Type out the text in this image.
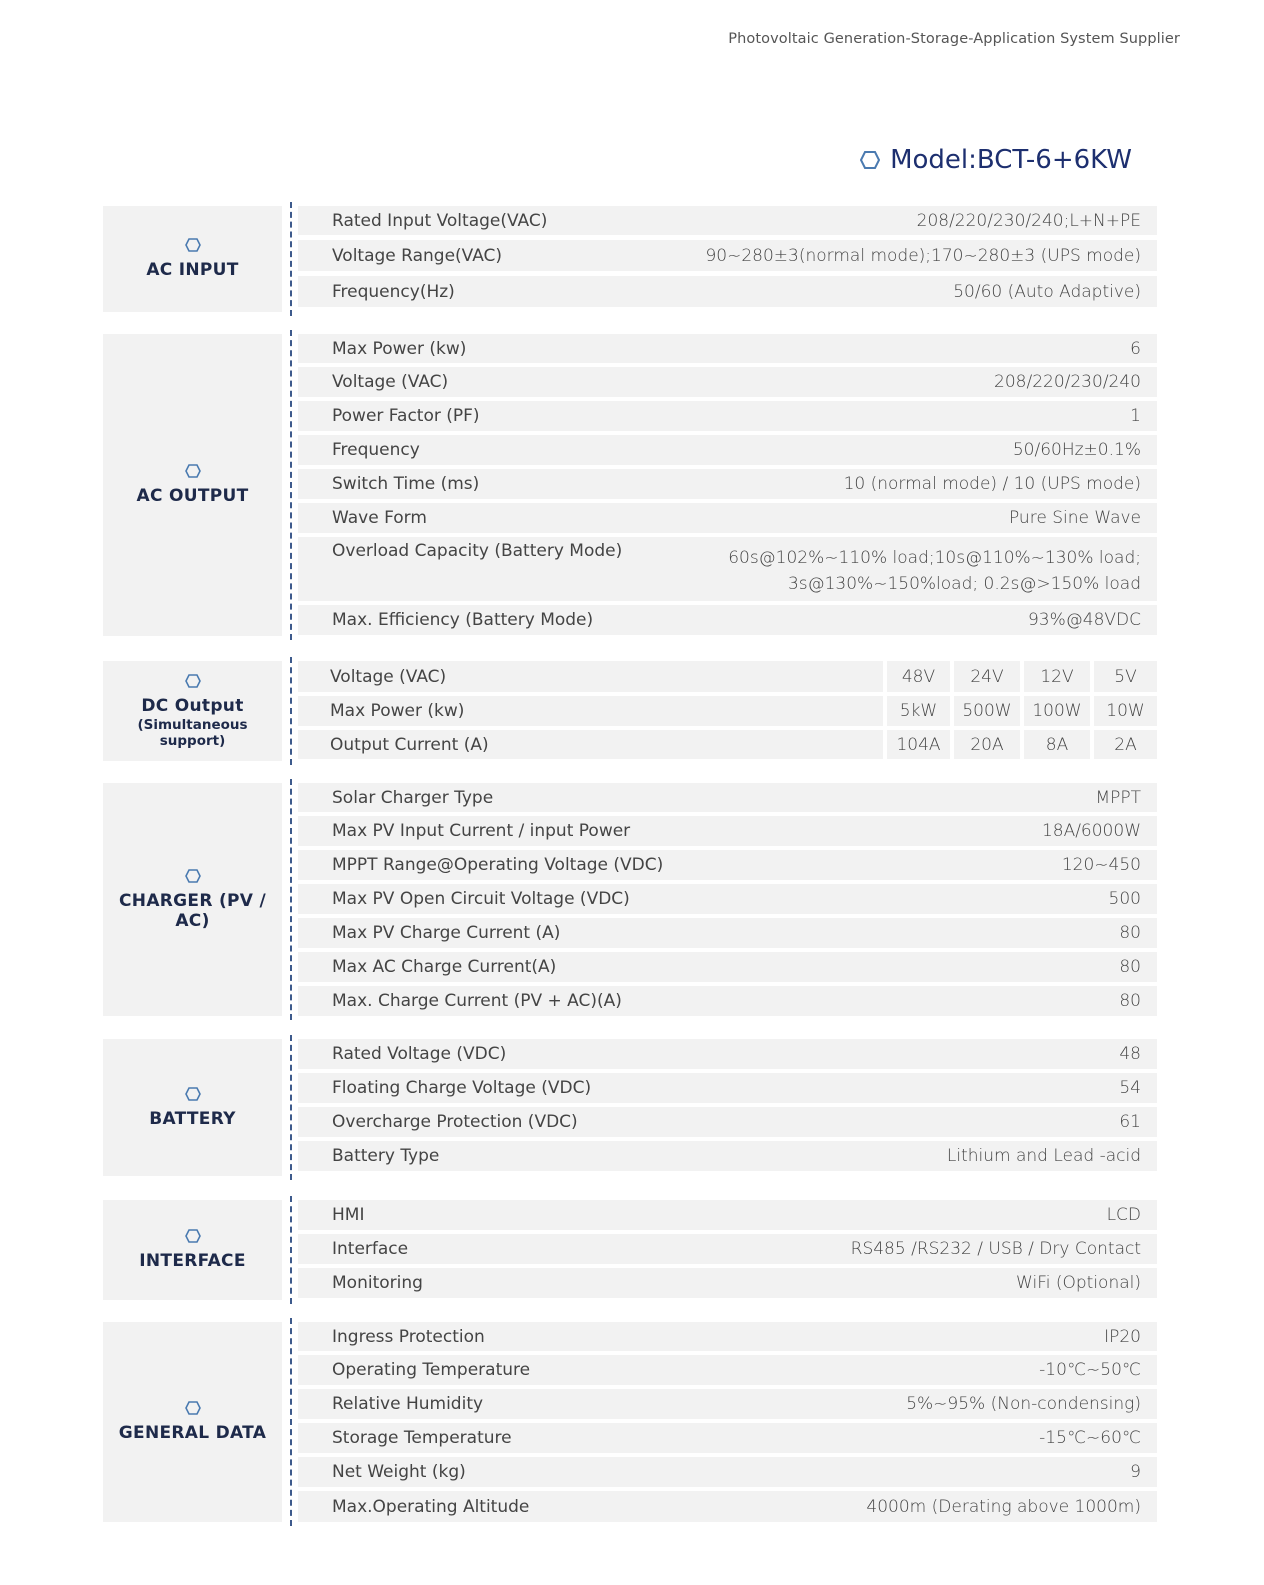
Photovoltaic Generation-Storage-Application System Supplier
Model:BCT-6+6KW
AC INPUT
Rated Input Voltage(VAC)	208/220/230/240;L+N+PE
Voltage Range(VAC)	90~280±3(normal mode);170~280±3 (UPS mode)
Frequency(Hz)	50/60 (Auto Adaptive)
AC OUTPUT
Max Power (kw)	6
Voltage (VAC)	208/220/230/240
Power Factor (PF)	1
Frequency	50/60Hz±0.1%
Switch Time (ms)	10 (normal mode) / 10 (UPS mode)
Wave Form	Pure Sine Wave
Overload Capacity (Battery Mode)	60s@102%~110% load;10s@110%~130% load;
3s@130%~150%load; 0.2s@>150% load
Max. Efficiency (Battery Mode)	93%@48VDC
DC Output
(Simultaneous support)
Voltage (VAC)	48V	24V	12V	5V
Max Power (kw)	5kW	500W	100W	10W
Output Current (A)	104A	20A	8A	2A
CHARGER (PV / AC)
Solar Charger Type	MPPT
Max PV Input Current / input Power	18A/6000W
MPPT Range@Operating Voltage (VDC)	120~450
Max PV Open Circuit Voltage (VDC)	500
Max PV Charge Current (A)	80
Max AC Charge Current(A)	80
Max. Charge Current (PV + AC)(A)	80
BATTERY
Rated Voltage (VDC)	48
Floating Charge Voltage (VDC)	54
Overcharge Protection (VDC)	61
Battery Type	Lithium and Lead -acid
INTERFACE
HMI	LCD
Interface	RS485 /RS232 / USB / Dry Contact
Monitoring	WiFi (Optional)
GENERAL DATA
Ingress Protection	IP20
Operating Temperature	-10℃~50℃
Relative Humidity	5%~95% (Non-condensing)
Storage Temperature	-15℃~60℃
Net Weight (kg)	9
Max.Operating Altitude	4000m (Derating above 1000m)
